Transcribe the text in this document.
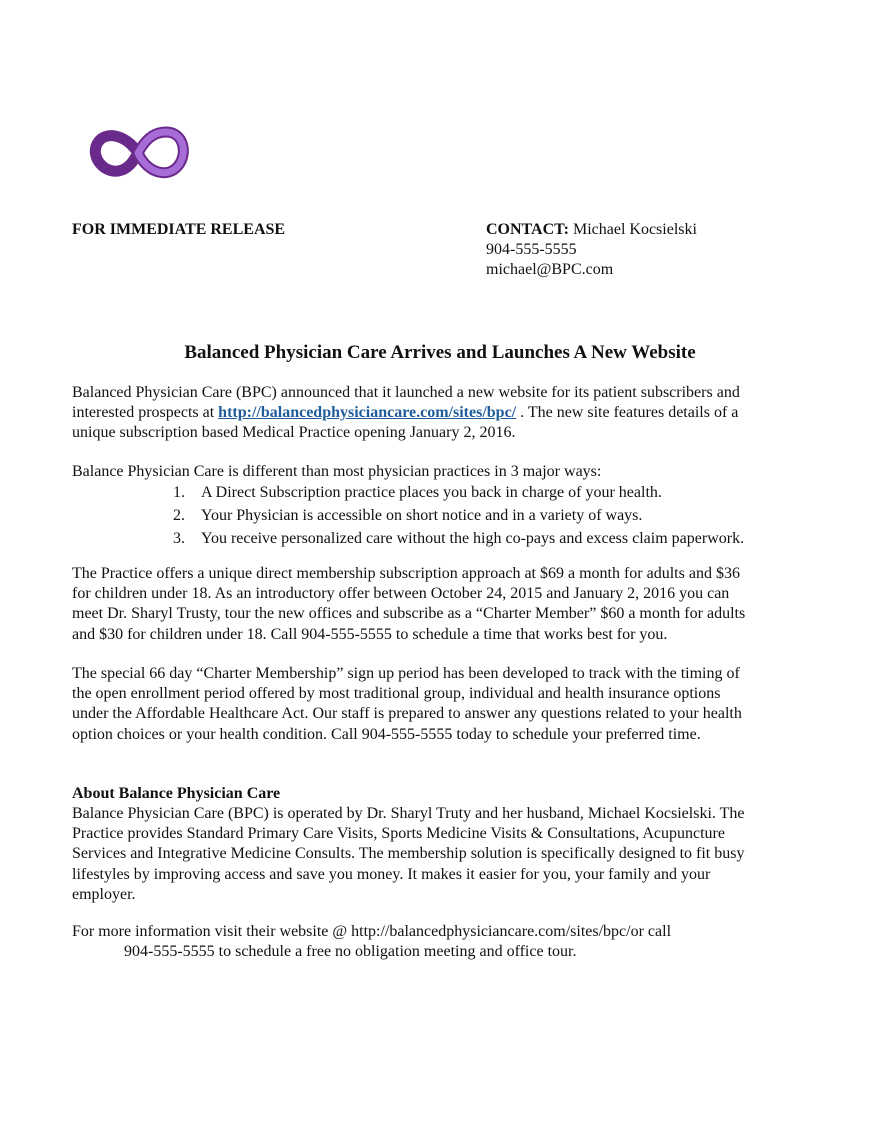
FOR IMMEDIATE RELEASE	CONTACT: Michael Kocsielski
904-555-5555
michael@BPC.com
Balanced Physician Care Arrives and Launches A New Website
Balanced Physician Care (BPC) announced that it launched a new website for its patient subscribers and
interested prospects at http://balancedphysiciancare.com/sites/bpc/ . The new site features details of a
unique subscription based Medical Practice opening January 2, 2016.
Balance Physician Care is different than most physician practices in 3 major ways:
1. A Direct Subscription practice places you back in charge of your health.
2. Your Physician is accessible on short notice and in a variety of ways.
3. You receive personalized care without the high co-pays and excess claim paperwork.
The Practice offers a unique direct membership subscription approach at $69 a month for adults and $36
for children under 18. As an introductory offer between October 24, 2015 and January 2, 2016 you can
meet Dr. Sharyl Trusty, tour the new offices and subscribe as a “Charter Member” $60 a month for adults
and $30 for children under 18. Call 904-555-5555 to schedule a time that works best for you.
The special 66 day “Charter Membership” sign up period has been developed to track with the timing of
the open enrollment period offered by most traditional group, individual and health insurance options
under the Affordable Healthcare Act. Our staff is prepared to answer any questions related to your health
option choices or your health condition. Call 904-555-5555 today to schedule your preferred time.
About Balance Physician Care
Balance Physician Care (BPC) is operated by Dr. Sharyl Truty and her husband, Michael Kocsielski. The
Practice provides Standard Primary Care Visits, Sports Medicine Visits & Consultations, Acupuncture
Services and Integrative Medicine Consults. The membership solution is specifically designed to fit busy
lifestyles by improving access and save you money. It makes it easier for you, your family and your
employer.
For more information visit their website @ http://balancedphysiciancare.com/sites/bpc/or call
904-555-5555 to schedule a free no obligation meeting and office tour.
